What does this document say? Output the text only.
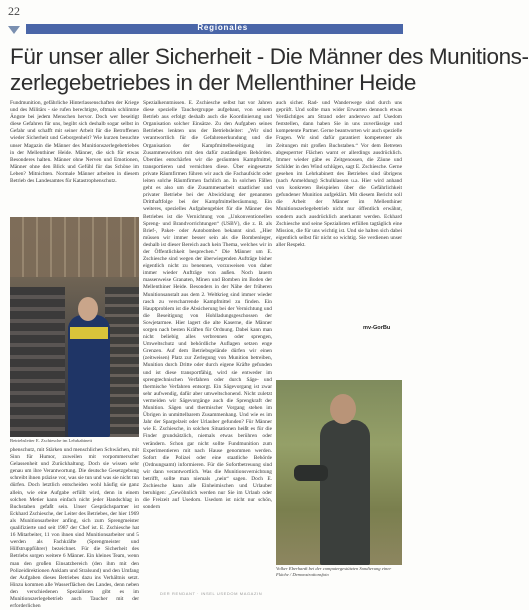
22
Regionales
Für unser aller Sicherheit - Die Männer des Munitions-
zerlegebetriebes in der Mellenthiner Heide

Fundmunition, gefährliche Hinterlassenschaften der Kriege und des Militärs - sie rufen berechtigte, oftmals schlimme Ängste bei jedem Menschen hervor. Doch wer beseitigt diese Gefahren für uns, begibt sich deshalb sogar selbst in Gefahr und schafft mit seiner Arbeit für die Betroffenen wieder Sicherheit und Geborgenheit? Wie kurzen besuchte unser Magazin die Männer des Munitionszerlegebetriebes in der Mellenthiner Heide. Männer, die sich für etwas Besonderes halten. Männer ohne Nerven und Emotionen, Männer ohne den Blick und Gefühl für das Schöne im Leben? Mitnichten. Normale Männer arbeiten in diesem Betrieb des Landesamtes für Katastrophenschutz.

Betriebsleiter E. Zschiesche im Lehrkabinett

phenschutz, mit Stärken und menschlichen Schwächen, mit Sinn für Humor, zuweilen mit vorpommerscher Gelassenheit und Zurückhaltung. Doch sie wissen sehr genau um ihre Verantwortung. Die deutsche Gesetzgebung schreibt ihnen präzise vor, was sie tun und was sie nicht tun dürfen. Doch letztlich entscheiden wohl häufig sie ganz allein, wie eine Aufgabe erfüllt wird, denn in einem solchen Metier kann einfach nicht jeder Handschlag in Buchstaben gefaßt sein. Unser Gesprächspartner ist Eckhard Zschiesche, der Leiter des Betriebes, der hier 1969 als Munitionsarbeiter anfing, sich zum Sprengmeister qualifizierte und seit 1987 der Chef ist. E. Zschiesche hat 16 Mitarbeiter, 11 von ihnen sind Munitionsarbeiter und 5 werden als Fachkräfte (Sprengmeister und Hilfstruppführer) bezeichnet. Für die Sicherheit des Betriebs sorgen weitere 6 Männer. Ein kleines Team, wenn man den großen Einsatzbereich (den ihm mit den Polizeidirektionen Anklam und Stralsund) und den Umfang der Aufgaben dieses Betriebes dazu ins Verhältnis setzt. Hinzu kommen alle Wasserflächen des Landes, denn neben den verschiedenen Spezialisten gibt es im Munitionszerlegebetrieb auch Taucher mit der erforderlichen

Spezialkenntnissen. E. Zschiesche selbst hat vor Jahren diese spezielle Tauchergruppe aufgebaut, von seinem Betrieb aus erfolgt deshalb auch die Koordinierung und Organisation solcher Einsätze. Zu den Aufgaben seines Betriebes lenkten uns der Betriebsleiter: „Wir sind verantwortlich für die Gefahrenerkundung und die Organisation der Kampfmittelbeseitigung im Zusammenwirken mit den dafür zuständigen Behörden. Überdies entschärfen wir die geräumten Kampfmittel, transportieren und vernichten diese. Über eingesetzte private Räumfirmen führen wir auch die Fachaufsicht oder leiten solche Räumfirmen fachlich an. In solchen Fällen geht es also um die Zusammenarbeit staatlicher und privater Betriebe bei der Abwicklung der genannten Dritthaftfolge bei der Kampfmittelberäumung. Ein weiteres, spezielles Aufgabengebiet für die Männer des Betriebes ist die Vernichtung von „Unkonventionellen Spreng- und Brandvorrichtungen“ (USBV), die z. B. als Brief-, Paket- oder Autobomben bekannt sind. „Hier müssen wir immer besser sein als die Bombenleger, deshalb ist dieser Bereich auch kein Thema, welches wir in der Öffentlichkeit besprechen.“ Die Männer um E. Zschiesche sind wegen der überwiegenden Aufträge bisher eigentlich nicht zu benennen, vorzuweisen von daher immer wieder Aufträge von außen. Noch lauern massenweise Granaten, Minen und Bomben im Boden der Mellenthiner Heide. Besonders in der Nähe der früheren Munitionsanstalt aus dem 2. Weltkrieg sind immer wieder rasch zu verscharrende Kampfmittel zu finden. Ein Hauptproblem ist die Absicherung bei der Vernichtung und die Beseitigung von Hohlladungsgeschossen der Sowjetarmee. Hier lagert die alte Kaserne, die Männer sorgen nach besten Kräften für Ordnung. Dabei kann man nicht beliebig alles verbrennen oder sprengen, Umweltschutz und behördliche Auflagen setzen enge Grenzen. Auf dem Betriebsgelände dürfen wir einen (zeitweisen) Platz zur Zerlegung von Munition betreiben, Munition durch Dritte oder durch eigene Kräfte gefunden und ist diese transportfähig, wird sie entweder im sprengtechnischen Verfahren oder durch Säge- und thermische Verfahren entsorgt. Ein Sägevorgang ist zwar sehr aufwendig, dafür aber umweltschonend. Nicht zuletzt vermeiden wir Sägevorgänge auch die Sprengkraft der Munition. Sägen und thermischer Vorgang stehen im Übrigen in unmittelbarem Zusammenhang. Und wie es im Jahr der Spargelzeit oder Urlauber gefunden? Für Männer wie E. Zschiesche, in solchen Situationen heißt es für die Finder grundsätzlich, niemals etwas berühren oder verändern. Schon gar nicht sollte Fundmunition zum Experimentieren mit nach Hause genommen werden. Sofort die Polizei oder eine staatliche Behörde (Ordnungsamt) informieren. Für die Sofortbetreuung sind wir dann verantwortlich. Was die Munitionsvernichtung betrifft, sollte man niemals „nein“ sagen. Doch E. Zschiesche kann alle Einheimischen und Urlauber beruhigen: „Gewöhnlich werden nur Sie im Urlaub oder die Freizeit auf Usedom. Usedom ist nicht nur schön, sondern

auch sicher. Rad- und Wanderwege sind durch uns geprüft. Und sollte man wider Erwarten dennoch etwas Verdächtiges am Strand oder anderswo auf Usedom feststellen, dann haben Sie in uns zuverlässige und kompetente Partner. Gerne beantworten wir auch spezielle Fragen. Wir sind dafür garantiert kompetenter als Zeitungen mit großen Buchstaben.“ Vor dem Betreten abgesperrter Flächen warnt er allerdings ausdrücklich. Immer wieder gäbe es Zeitgenossen, die Zäune und Schilder in den Wind schlügen, sagt E. Zschiesche. Gerne gesehen im Lehrkabinett des Betriebes sind übrigens (nach Anmeldung) Schulklassen u.a. Hier wird anhand von konkreten Beispielen über die Gefährlichkeit gefundener Munition aufgeklärt. Mit diesem Bericht soll die Arbeit der Männer im Mellenthiner Munitionszerlegebetrieb nicht nur öffentlich erwähnt, sondern auch ausdrücklich anerkannt werden. Eckhard Zschiesche und seine Spezialisten erfüllen tagtäglich eine Mission, die für uns wichtig ist. Und sie halten sich dabei eigentlich selbst für nicht so wichtig. Sie verdienen unser aller Respekt.

mv-GorBu
Volker Eberhardt bei der computergestützten Sondierung einer Fläche / Demonstrationsfoto
DER RENDANT · INSEL USEDOM MAGAZIN
